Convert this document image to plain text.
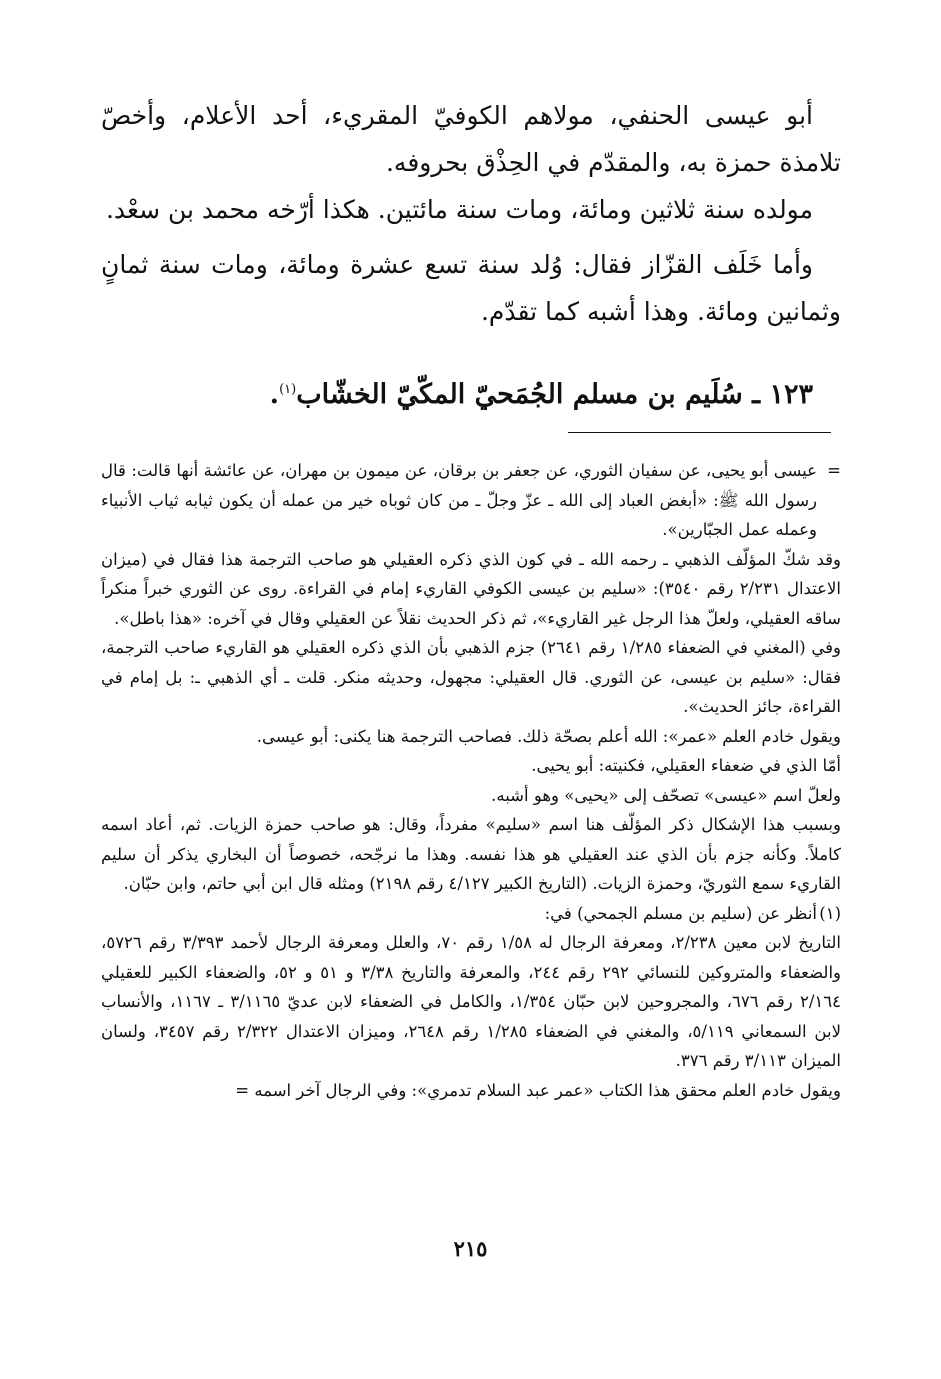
أبو عيسى الحنفي، مولاهم الكوفيّ المقريء، أحد الأعلام، وأخصّ تلامذة حمزة به، والمقدّم في الحِذْق بحروفه.

مولده سنة ثلاثين ومائة، ومات سنة مائتين. هكذا أرّخه محمد بن سعْد.

وأما خَلَف القزّاز فقال: وُلد سنة تسع عشرة ومائة، ومات سنة ثمانٍ وثمانين ومائة. وهذا أشبه كما تقدّم.

١٢٣ ـ سُلَيم بن مسلم الجُمَحيّ المكّيّ الخشّاب$^{(١)}$.
=

عيسى أبو يحيى، عن سفيان الثوري، عن جعفر بن برقان، عن ميمون بن مهران، عن عائشة أنها قالت: قال رسول الله ﷺ: «أبغض العباد إلى الله ـ عزّ وجلّ ـ من كان ثوباه خير من عمله أن يكون ثيابه ثياب الأنبياء وعمله عمل الجبّارين».

وقد شكّ المؤلّف الذهبي ـ رحمه الله ـ في كون الذي ذكره العقيلي هو صاحب الترجمة هذا فقال في (ميزان الاعتدال ٢/٢٣١ رقم ٣٥٤٠): «سليم بن عيسى الكوفي القاريء إمام في القراءة. روى عن الثوري خبراً منكراً ساقه العقيلي، ولعلّ هذا الرجل غير القاريء»، ثم ذكر الحديث نقلاً عن العقيلي وقال في آخره: «هذا باطل».

وفي (المغني في الضعفاء ١/٢٨٥ رقم ٢٦٤١) جزم الذهبي بأن الذي ذكره العقيلي هو القاريء صاحب الترجمة، فقال: «سليم بن عيسى، عن الثوري. قال العقيلي: مجهول، وحديثه منكر. قلت ـ أي الذهبي ـ: بل إمام في القراءة، جائز الحديث».

ويقول خادم العلم «عمر»: الله أعلم بصحّة ذلك. فصاحب الترجمة هنا يكنى: أبو عيسى.

أمّا الذي في ضعفاء العقيلي، فكنيته: أبو يحيى.

ولعلّ اسم «عيسى» تصحّف إلى «يحيى» وهو أشبه.

وبسبب هذا الإشكال ذكر المؤلّف هنا اسم «سليم» مفرداً، وقال: هو صاحب حمزة الزيات. ثم، أعاد اسمه كاملاً. وكأنه جزم بأن الذي عند العقيلي هو هذا نفسه. وهذا ما نرجّحه، خصوصاً أن البخاري يذكر أن سليم القاريء سمع الثوريّ، وحمزة الزيات. (التاريخ الكبير ٤/١٢٧ رقم ٢١٩٨) ومثله قال ابن أبي حاتم، وابن حبّان.

(١)

أنظر عن (سليم بن مسلم الجمحي) في:

التاريخ لابن معين ٢/٢٣٨، ومعرفة الرجال له ١/٥٨ رقم ٧٠، والعلل ومعرفة الرجال لأحمد ٣/٣٩٣ رقم ٥٧٢٦، والضعفاء والمتروكين للنسائي ٢٩٢ رقم ٢٤٤، والمعرفة والتاريخ ٣/٣٨ و ٥١ و ٥٢، والضعفاء الكبير للعقيلي ٢/١٦٤ رقم ٦٧٦، والمجروحين لابن حبّان ١/٣٥٤، والكامل في الضعفاء لابن عديّ ٣/١١٦٥ ـ ١١٦٧، والأنساب لابن السمعاني ٥/١١٩، والمغني في الضعفاء ١/٢٨٥ رقم ٢٦٤٨، وميزان الاعتدال ٢/٣٢٢ رقم ٣٤٥٧، ولسان الميزان ٣/١١٣ رقم ٣٧٦.

ويقول خادم العلم محقق هذا الكتاب «عمر عبد السلام تدمري»: وفي الرجال آخر اسمه =

٢١٥
